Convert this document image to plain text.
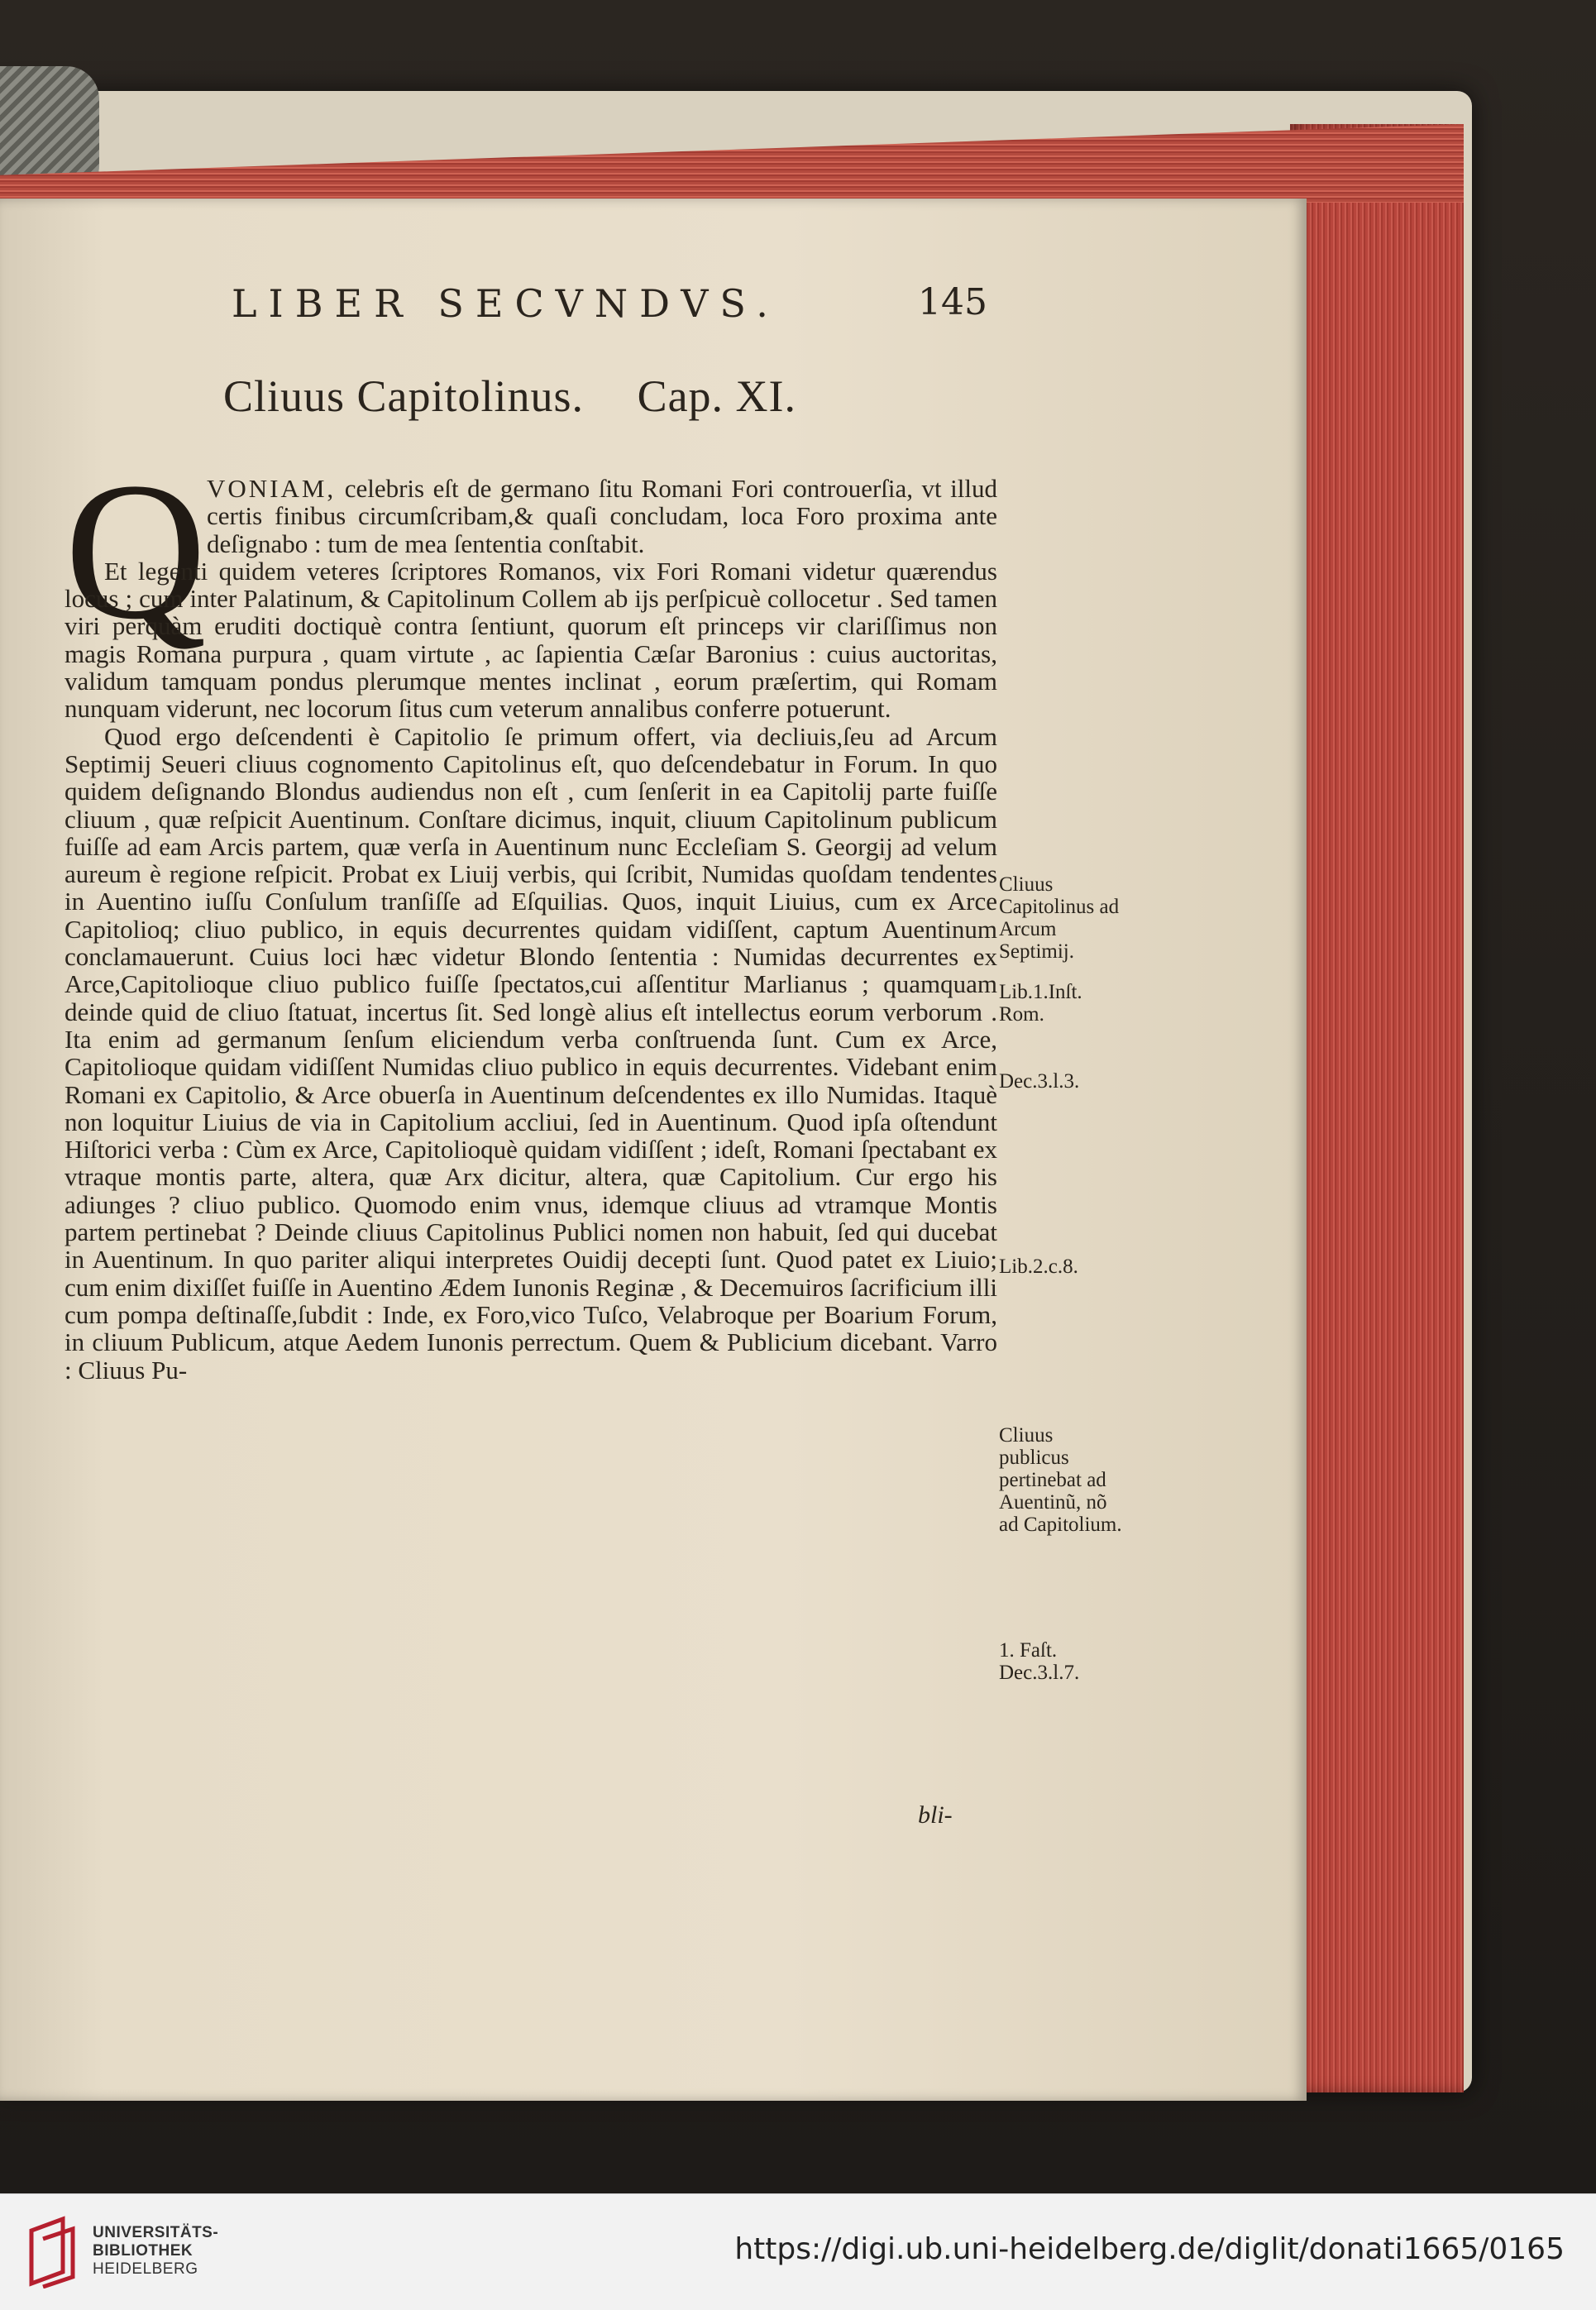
LIBER SECVNDVS.	145
Cliuus Capitolinus. Cap. XI.
Q VONIAM, celebris eſt de germano ſitu Romani Fori controuerſia, vt illud certis finibus circumſcribam,& quaſi concludam, loca Foro proxima ante deſignabo : tum de mea ſententia conſtabit.

Et legenti quidem veteres ſcriptores Romanos, vix Fori Romani videtur quærendus locus ; cum inter Palatinum, & Capitolinum Collem ab ijs perſpicuè collocetur . Sed tamen viri perquàm eruditi doctiquè contra ſentiunt, quorum eſt princeps vir clariſſimus non magis Romana purpura , quam virtute , ac ſapientia Cæſar Baronius : cuius auctoritas, validum tamquam pondus plerumque mentes inclinat , eorum præſertim, qui Romam nunquam viderunt, nec locorum ſitus cum veterum annalibus conferre potuerunt.

Quod ergo deſcendenti è Capitolio ſe primum offert, via decliuis,ſeu ad Arcum Septimij Seueri cliuus cognomento Capitolinus eſt, quo deſcendebatur in Forum. In quo quidem deſignando Blondus audiendus non eſt , cum ſenſerit in ea Capitolij parte fuiſſe cliuum , quæ reſpicit Auentinum. Conſtare dicimus, inquit, cliuum Capitolinum publicum fuiſſe ad eam Arcis partem, quæ verſa in Auentinum nunc Eccleſiam S. Georgij ad velum aureum è regione reſpicit. Probat ex Liuij verbis, qui ſcribit, Numidas quoſdam tendentes in Auentino iuſſu Conſulum tranſiſſe ad Eſquilias. Quos, inquit Liuius, cum ex Arce Capitolioq; cliuo publico, in equis decurrentes quidam vidiſſent, captum Auentinum conclamauerunt. Cuius loci hæc videtur Blondo ſententia : Numidas decurrentes ex Arce,Capitolioque cliuo publico fuiſſe ſpectatos,cui aſſentitur Marlianus ; quamquam deinde quid de cliuo ſtatuat, incertus ſit. Sed longè alius eſt intellectus eorum verborum . Ita enim ad germanum ſenſum eliciendum verba conſtruenda ſunt. Cum ex Arce, Capitolioque quidam vidiſſent Numidas cliuo publico in equis decurrentes. Videbant enim Romani ex Capitolio, & Arce obuerſa in Auentinum deſcendentes ex illo Numidas. Itaquè non loquitur Liuius de via in Capitolium accliui, ſed in Auentinum. Quod ipſa oſtendunt Hiſtorici verba : Cùm ex Arce, Capitolioquè quidam vidiſſent ; ideſt, Romani ſpectabant ex vtraque montis parte, altera, quæ Arx dicitur, altera, quæ Capitolium. Cur ergo his adiunges ? cliuo publico. Quomodo enim vnus, idemque cliuus ad vtramque Montis partem pertinebat ? Deinde cliuus Capitolinus Publici nomen non habuit, ſed qui ducebat in Auentinum. In quo pariter aliqui interpretes Ouidij decepti ſunt. Quod patet ex Liuio; cum enim dixiſſet fuiſſe in Auentino Ædem Iunonis Reginæ , & Decemuiros ſacrificium illi cum pompa deſtinaſſe,ſubdit : Inde, ex Foro,vico Tuſco, Velabroque per Boarium Forum, in cliuum Publicum, atque Aedem Iunonis perrectum. Quem & Publicium dicebant. Varro : Cliuus Pu-

Cliuus Capitolinus ad Arcum Septimij.
Lib.1.Inſt. Rom.
Dec.3.l.3.
Lib.2.c.8.
Cliuus publicus pertinebat ad Auentinũ, nõ ad Capitolium.
1. Faſt. Dec.3.l.7.
bli-
UNIVERSITÄTS-
BIBLIOTHEK
HEIDELBERG
https://digi.ub.uni-heidelberg.de/diglit/donati1665/0165
